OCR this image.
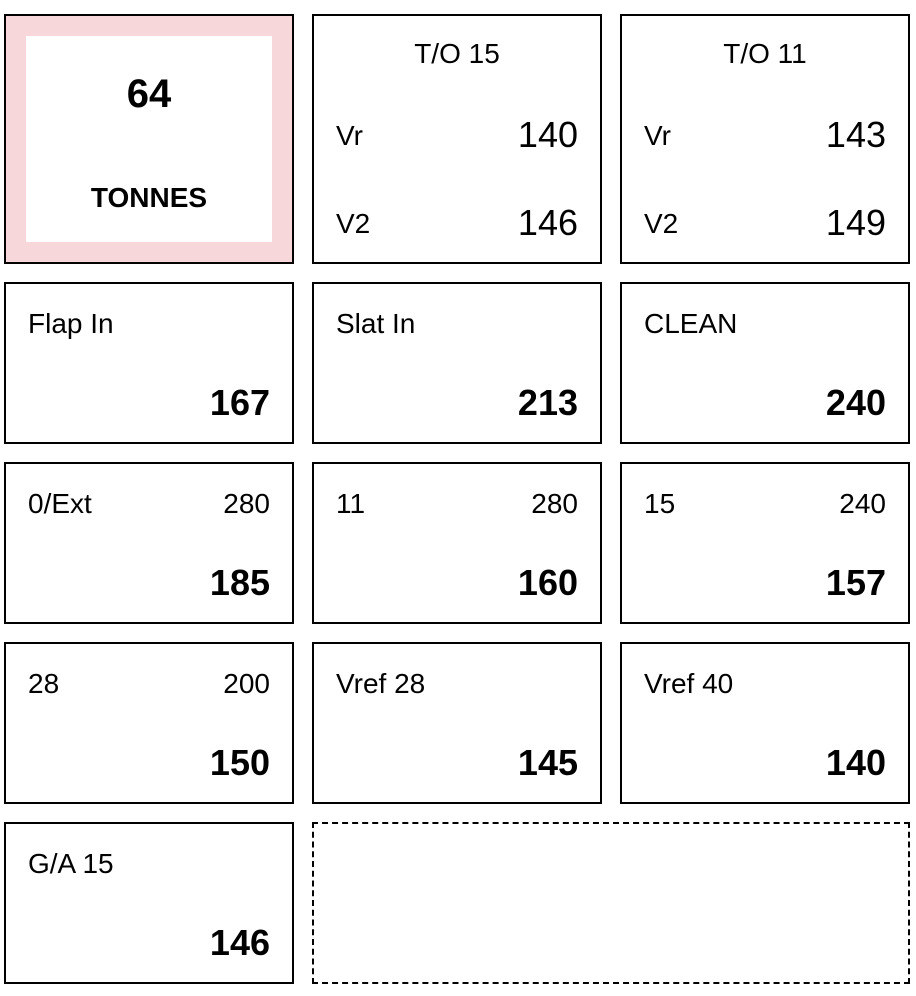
64
TONNES
T/O 15
Vr	140
V2	146
T/O 11
Vr	143
V2	149
Flap In
167
Slat In
213
CLEAN
240
0/Ext	280
185
11	280
160
15	240
157
28	200
150
Vref 28
145
Vref 40
140
G/A 15
146
